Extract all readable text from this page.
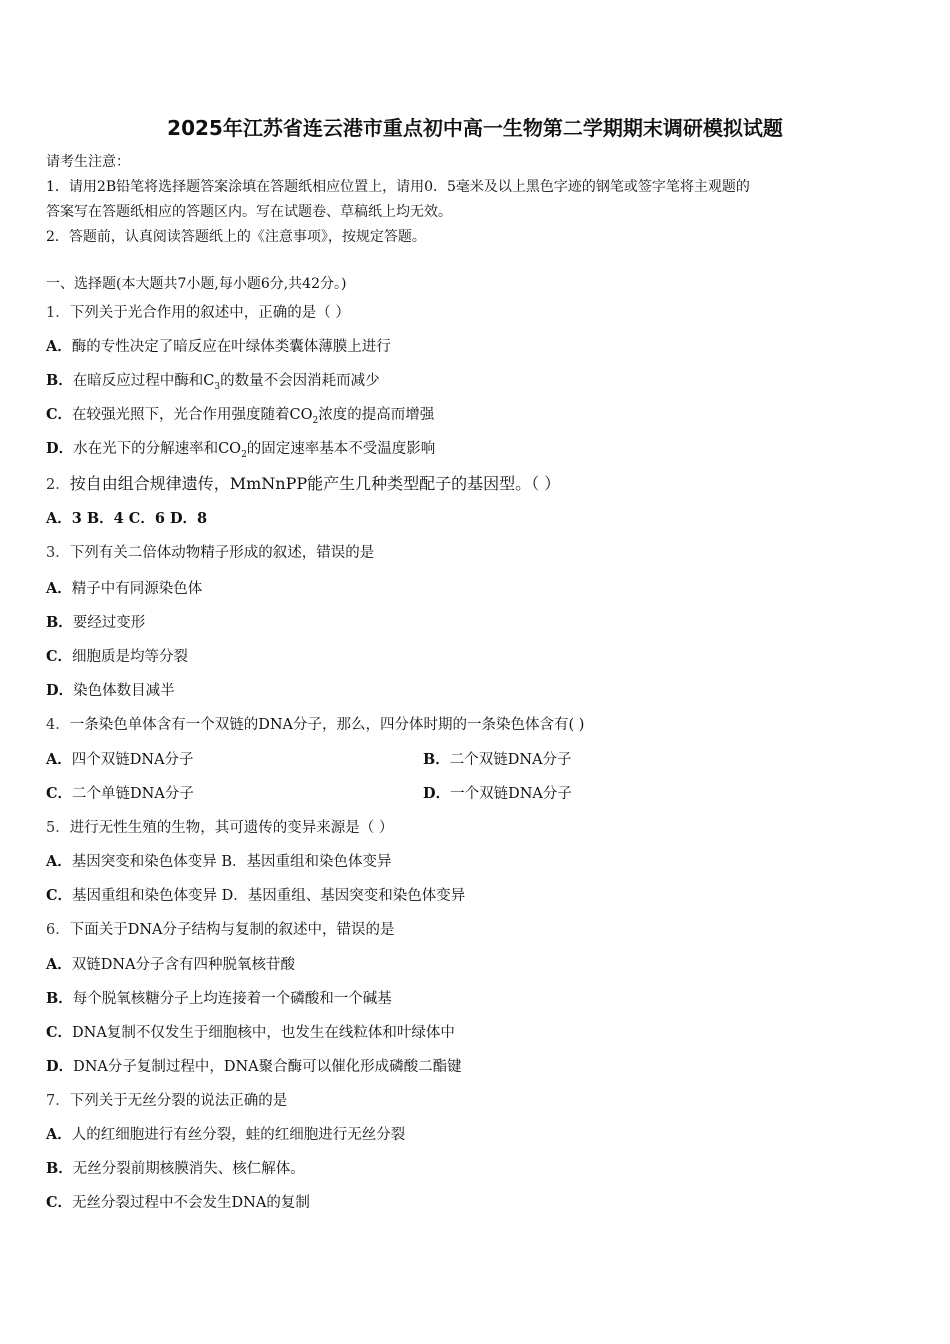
2025年江苏省连云港市重点初中高一生物第二学期期末调研模拟试题
请考生注意：
1．请用2B铅笔将选择题答案涂填在答题纸相应位置上，请用0．5毫米及以上黑色字迹的钢笔或签字笔将主观题的
答案写在答题纸相应的答题区内。写在试题卷、草稿纸上均无效。
2．答题前，认真阅读答题纸上的《注意事项》，按规定答题。
一、选择题(本大题共7小题,每小题6分,共42分。)
1．下列关于光合作用的叙述中，正确的是（ ）
A．酶的专性决定了暗反应在叶绿体类囊体薄膜上进行
B．在暗反应过程中酶和$C_3$的数量不会因消耗而减少
C．在较强光照下，光合作用强度随着$CO_2$浓度的提高而增强
D．水在光下的分解速率和$CO_2$的固定速率基本不受温度影响
2．按自由组合规律遗传，MmNnPP能产生几种类型配子的基因型。（ ）
A．3 B．4 C．6 D．8
3．下列有关二倍体动物精子形成的叙述，错误的是
A．精子中有同源染色体
B．要经过变形
C．细胞质是均等分裂
D．染色体数目减半
4．一条染色单体含有一个双链的DNA分子，那么，四分体时期的一条染色体含有( )
A．四个双链DNA分子	B．二个双链DNA分子
C．二个单链DNA分子	D．一个双链DNA分子
5．进行无性生殖的生物，其可遗传的变异来源是（ ）
A．基因突变和染色体变异 B．基因重组和染色体变异
C．基因重组和染色体变异 D．基因重组、基因突变和染色体变异
6．下面关于DNA分子结构与复制的叙述中，错误的是
A．双链DNA分子含有四种脱氧核苷酸
B．每个脱氧核糖分子上均连接着一个磷酸和一个碱基
C．DNA复制不仅发生于细胞核中，也发生在线粒体和叶绿体中
D．DNA分子复制过程中，DNA聚合酶可以催化形成磷酸二酯键
7．下列关于无丝分裂的说法正确的是
A．人的红细胞进行有丝分裂，蛙的红细胞进行无丝分裂
B．无丝分裂前期核膜消失、核仁解体。
C．无丝分裂过程中不会发生DNA的复制
